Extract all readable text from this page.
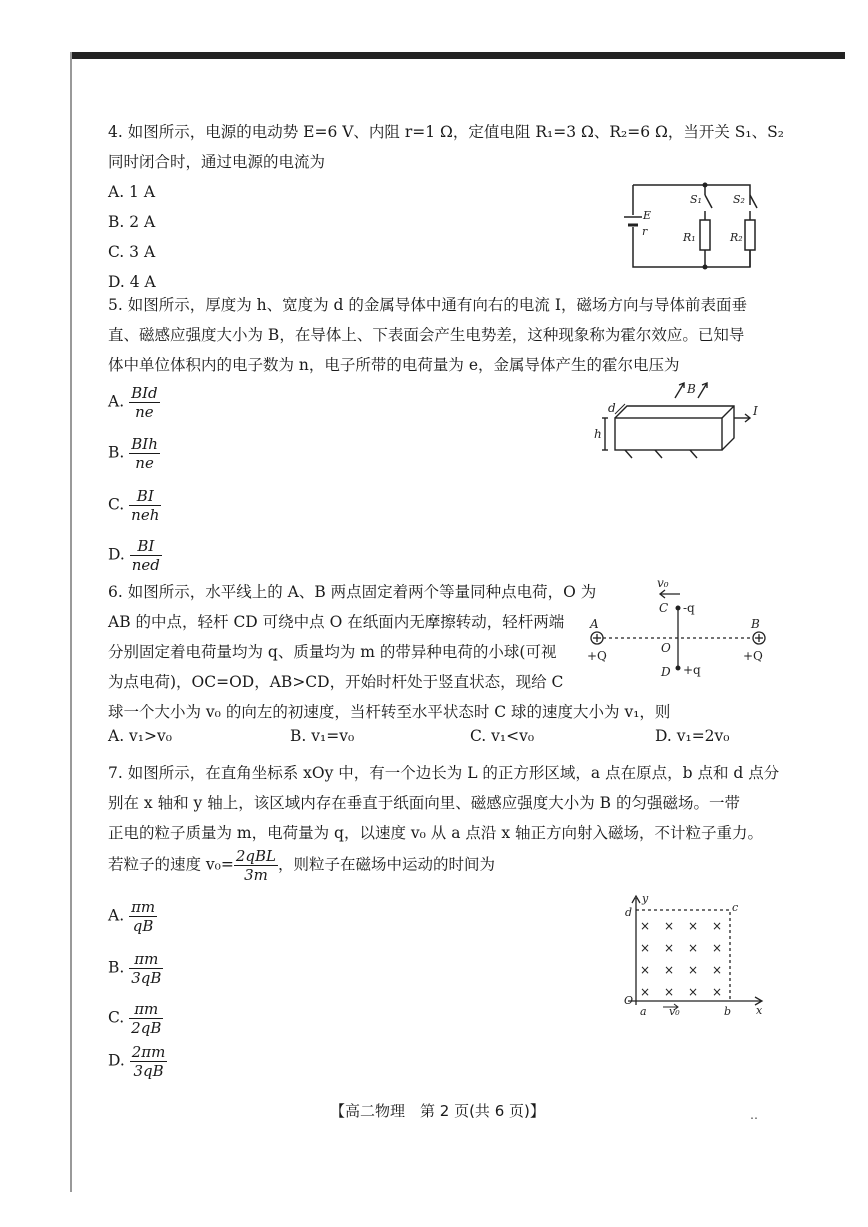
4. 如图所示，电源的电动势 E=6 V、内阻 r=1 Ω，定值电阻 R₁=3 Ω、R₂=6 Ω，当开关 S₁、S₂
同时闭合时，通过电源的电流为
A. 1 A
B. 2 A
C. 3 A
D. 4 A
E
r
S₁	S₂
R₁	R₂
5. 如图所示，厚度为 h、宽度为 d 的金属导体中通有向右的电流 I，磁场方向与导体前表面垂
直、磁感应强度大小为 B，在导体上、下表面会产生电势差，这种现象称为霍尔效应。已知导
体中单位体积内的电子数为 n，电子所带的电荷量为 e，金属导体产生的霍尔电压为
A. $\frac{\text{BId}}{ne}$
B. $\frac{\text{BIh}}{ne}$
C. $\frac{BI}{\text{neh}}$
D. $\frac{BI}{\text{ned}}$
B
I
d
h
6. 如图所示，水平线上的 A、B 两点固定着两个等量同种点电荷，O 为
AB 的中点，轻杆 CD 可绕中点 O 在纸面内无摩擦转动，轻杆两端
分别固定着电荷量均为 q、质量均为 m 的带异种电荷的小球(可视
为点电荷)，OC=OD，AB>CD，开始时杆处于竖直状态，现给 C
球一个大小为 v₀ 的向左的初速度，当杆转至水平状态时 C 球的速度大小为 v₁，则
A. v₁>v₀	B. v₁=v₀	C. v₁<v₀	D. v₁=2v₀
v₀
C -q
A	B
O
D +q
+Q	+Q
7. 如图所示，在直角坐标系 xOy 中，有一个边长为 L 的正方形区域，a 点在原点，b 点和 d 点分
别在 x 轴和 y 轴上，该区域内存在垂直于纸面向里、磁感应强度大小为 B 的匀强磁场。一带
正电的粒子质量为 m，电荷量为 q，以速度 v₀ 从 a 点沿 x 轴正方向射入磁场，不计粒子重力。
若粒子的速度 $v_0= \frac{\text{2qBL}}{3m}$ ，则粒子在磁场中运动的时间为
A. $\frac{\pi m}{qB}$
B. $\frac{\pi m}{3qB}$
C. $\frac{\pi m}{2qB}$
D. $\frac{2\pi m}{3qB}$
× × × ×
× × × ×
× × × ×
× × × ×
y
x
d	c
O
a v₀	b
【高二物理　第 2 页(共 6 页)】	‥
